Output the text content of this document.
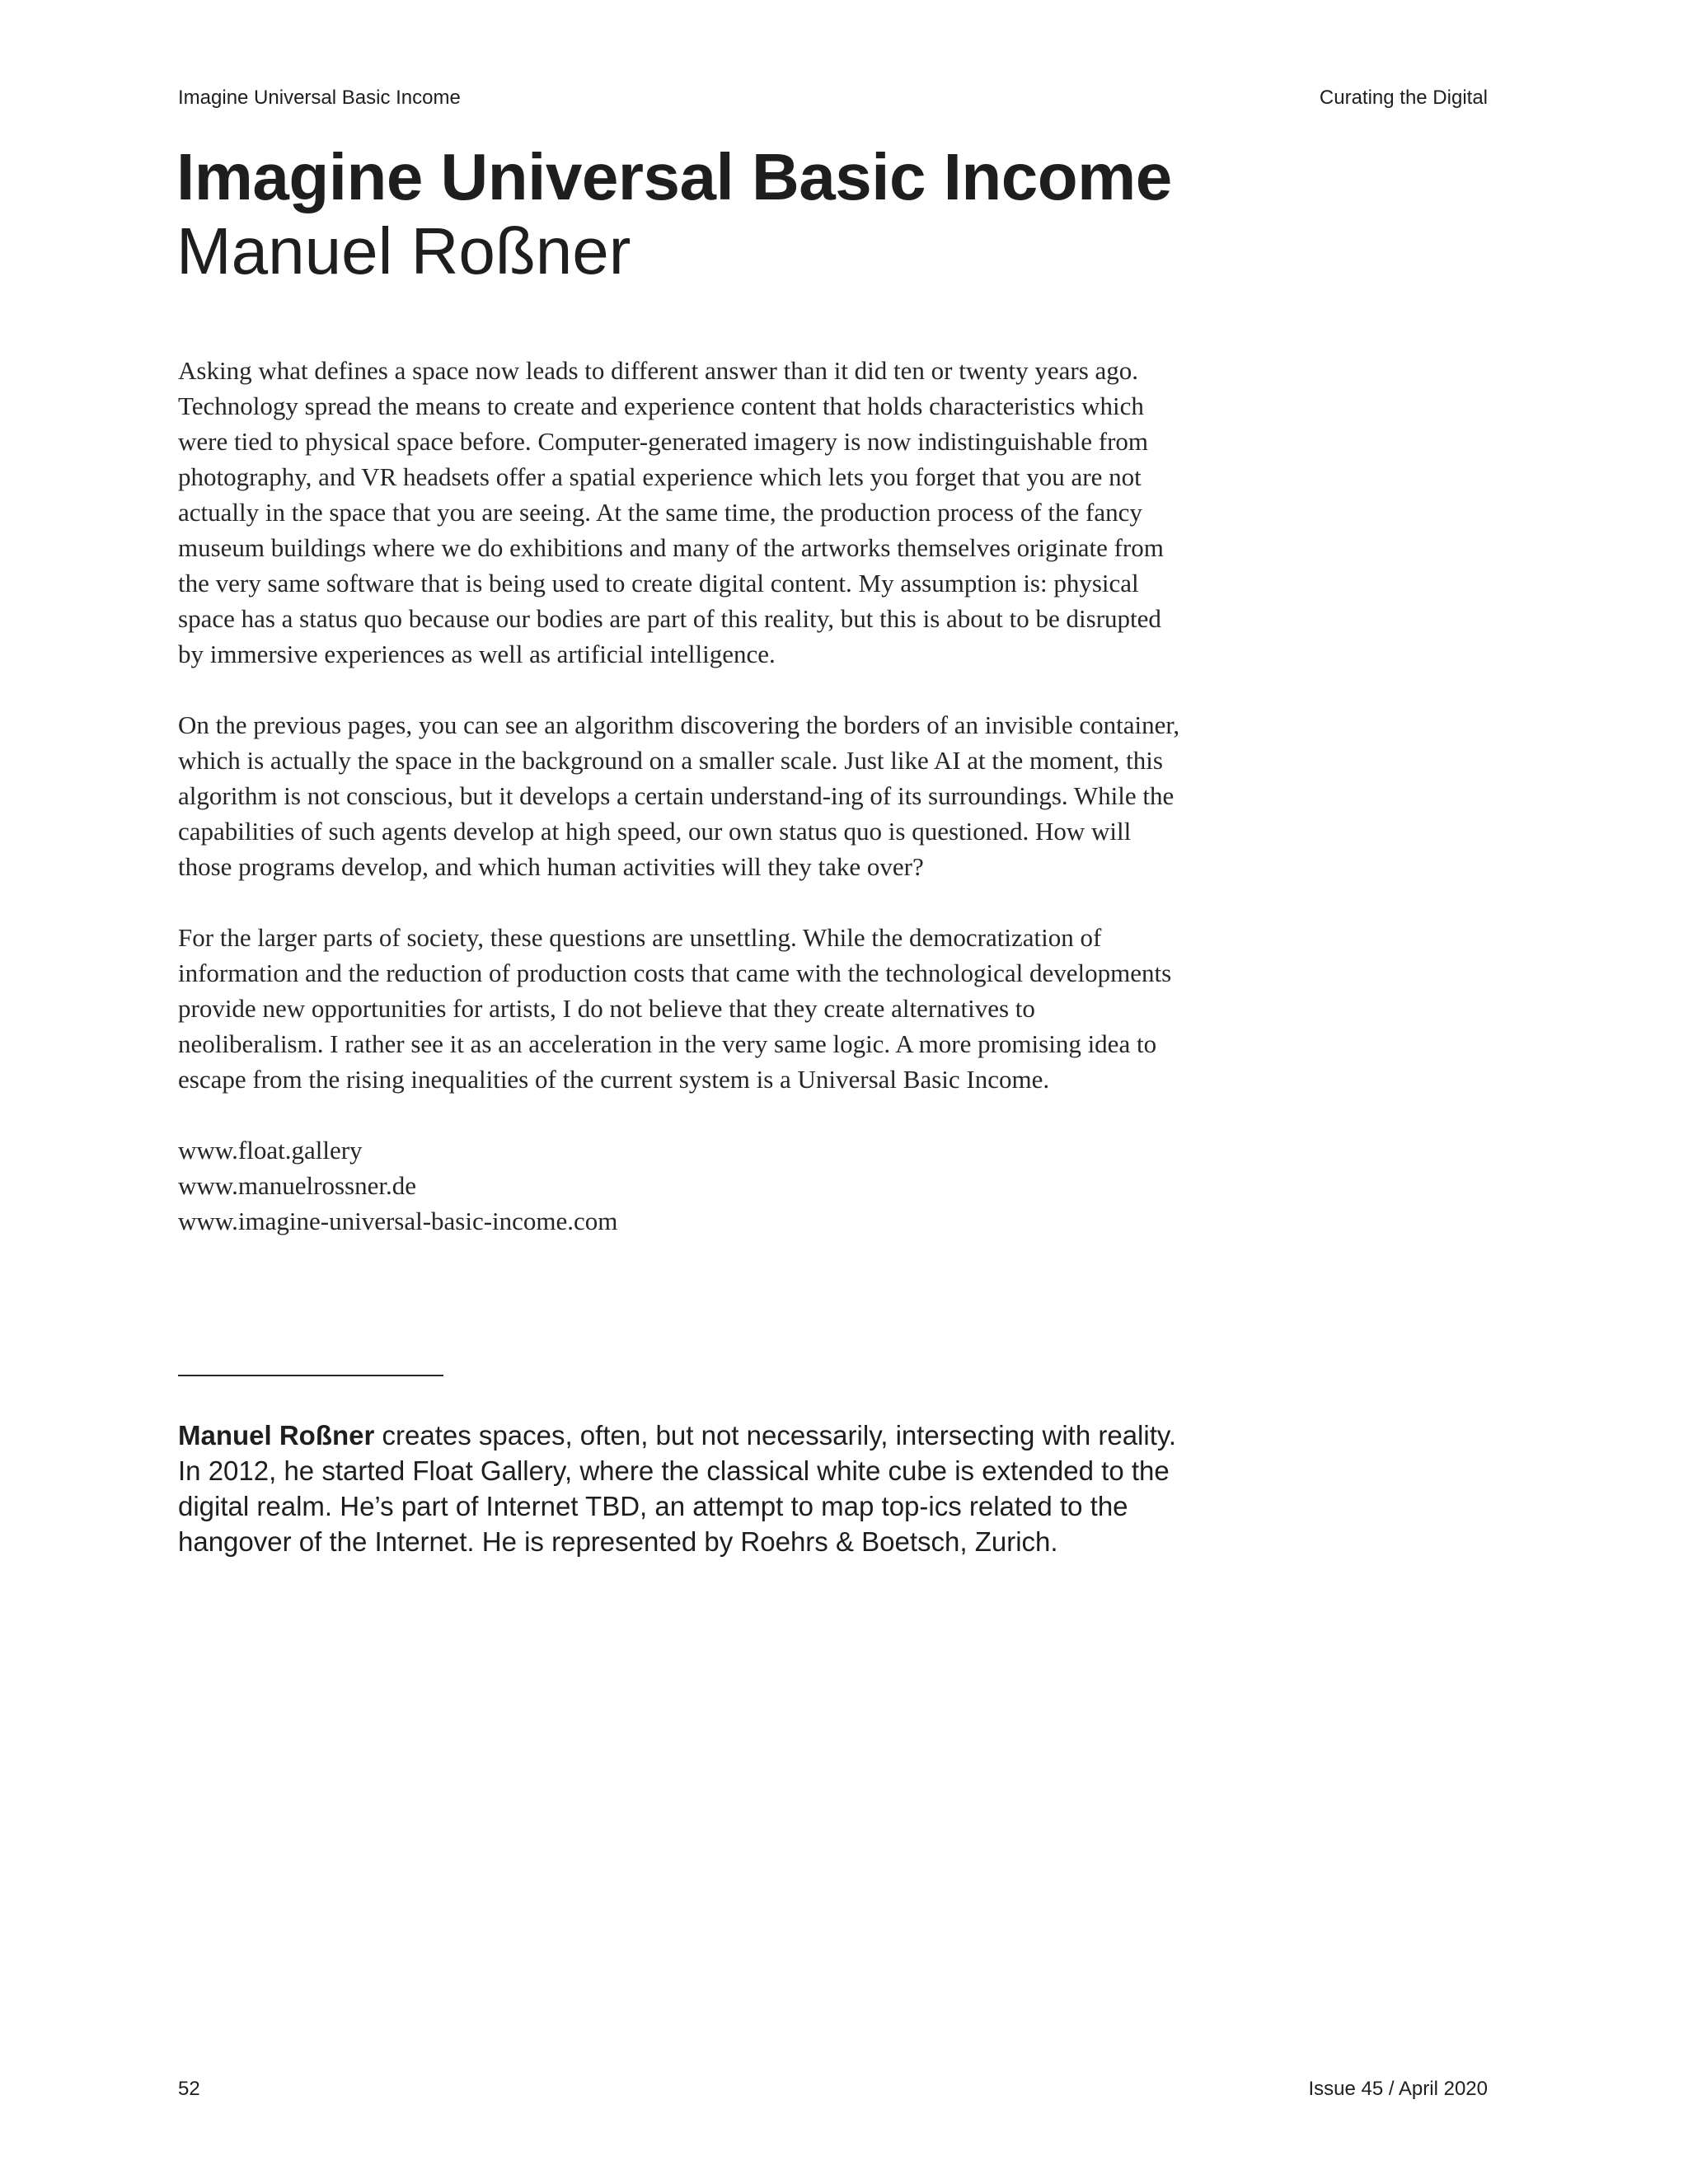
Imagine Universal Basic Income	Curating the Digital
Imagine Universal Basic Income
Manuel Roßner

Asking what defines a space now leads to different answer than it did ten or twenty years ago. Technology spread the means to create and experience content that holds characteristics which were tied to physical space before. Computer-generated imagery is now indistinguishable from photography, and VR headsets offer a spatial experience which lets you forget that you are not actually in the space that you are seeing. At the same time, the production process of the fancy museum buildings where we do exhibitions and many of the artworks themselves originate from the very same software that is being used to create digital content. My assumption is: physical space has a status quo because our bodies are part of this reality, but this is about to be disrupted by immersive experiences as well as artificial intelligence.

On the previous pages, you can see an algorithm discovering the borders of an invisible container, which is actually the space in the background on a smaller scale. Just like AI at the moment, this algorithm is not conscious, but it develops a certain understand-ing of its surroundings. While the capabilities of such agents develop at high speed, our own status quo is questioned. How will those programs develop, and which human activities will they take over?

For the larger parts of society, these questions are unsettling. While the democratization of information and the reduction of production costs that came with the technological developments provide new opportunities for artists, I do not believe that they create alternatives to neoliberalism. I rather see it as an acceleration in the very same logic. A more promising idea to escape from the rising inequalities of the current system is a Universal Basic Income.

www.float.gallery
www.manuelrossner.de
www.imagine-universal-basic-income.com

Manuel Roßner creates spaces, often, but not necessarily, intersecting with reality. In 2012, he started Float Gallery, where the classical white cube is extended to the digital realm. He’s part of Internet TBD, an attempt to map top-ics related to the hangover of the Internet. He is represented by Roehrs & Boetsch, Zurich.

52	Issue 45 / April 2020
